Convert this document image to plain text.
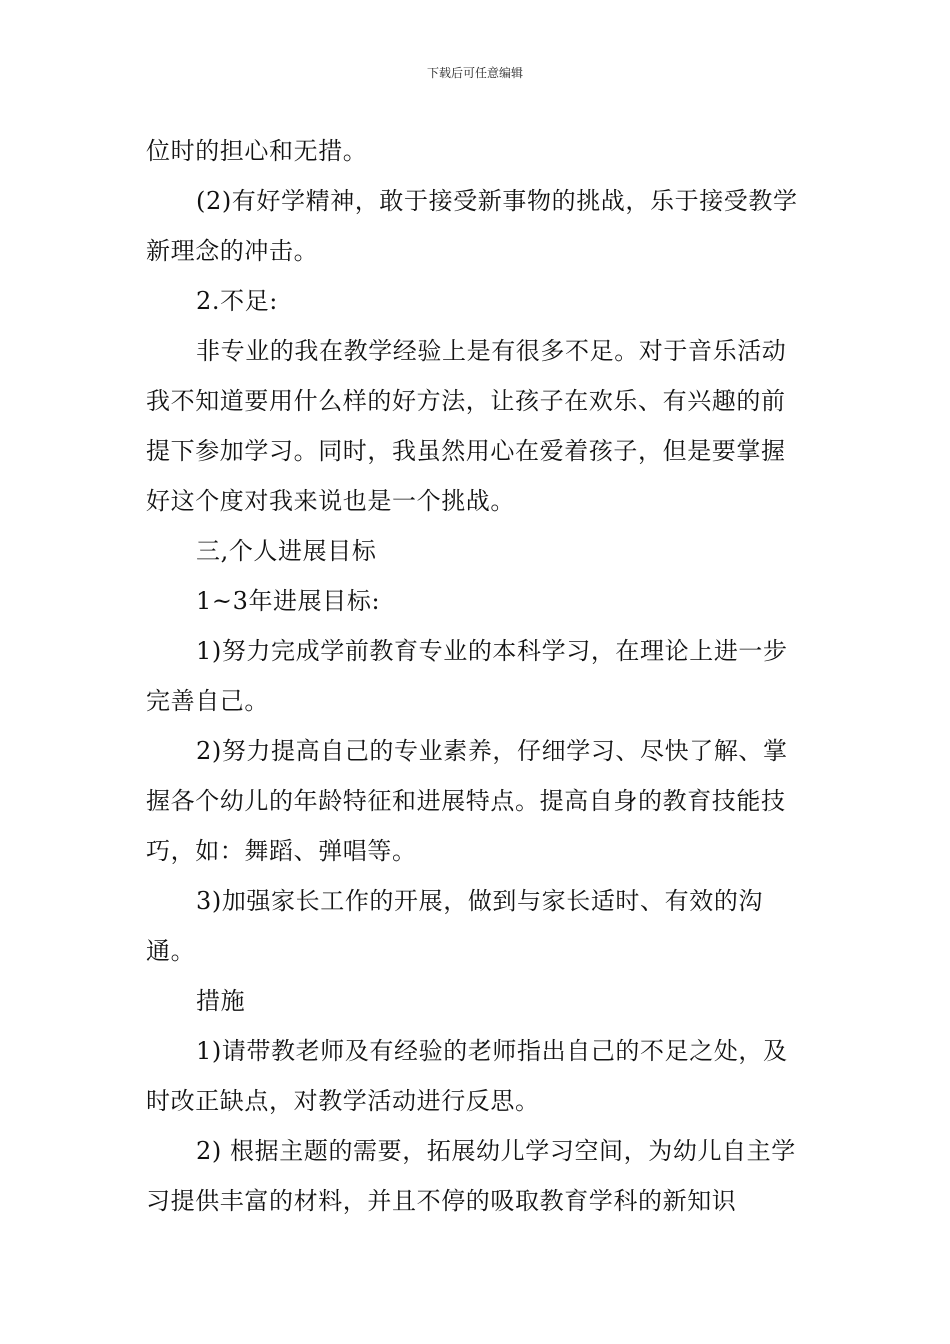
下载后可任意编辑

位时的担心和无措。

(2)有好学精神，敢于接受新事物的挑战，乐于接受教学新理念的冲击。

2.不足:

非专业的我在教学经验上是有很多不足。对于音乐活动我不知道要用什么样的好方法，让孩子在欢乐、有兴趣的前提下参加学习。同时，我虽然用心在爱着孩子，但是要掌握好这个度对我来说也是一个挑战。

三,个人进展目标

1~3年进展目标:

1)努力完成学前教育专业的本科学习，在理论上进一步完善自己。

2)努力提高自己的专业素养，仔细学习、尽快了解、掌握各个幼儿的年龄特征和进展特点。提高自身的教育技能技巧，如：舞蹈、弹唱等。

3)加强家长工作的开展，做到与家长适时、有效的沟通。

措施

1)请带教老师及有经验的老师指出自己的不足之处，及时改正缺点，对教学活动进行反思。

2) 根据主题的需要，拓展幼儿学习空间，为幼儿自主学习提供丰富的材料，并且不停的吸取教育学科的新知识
